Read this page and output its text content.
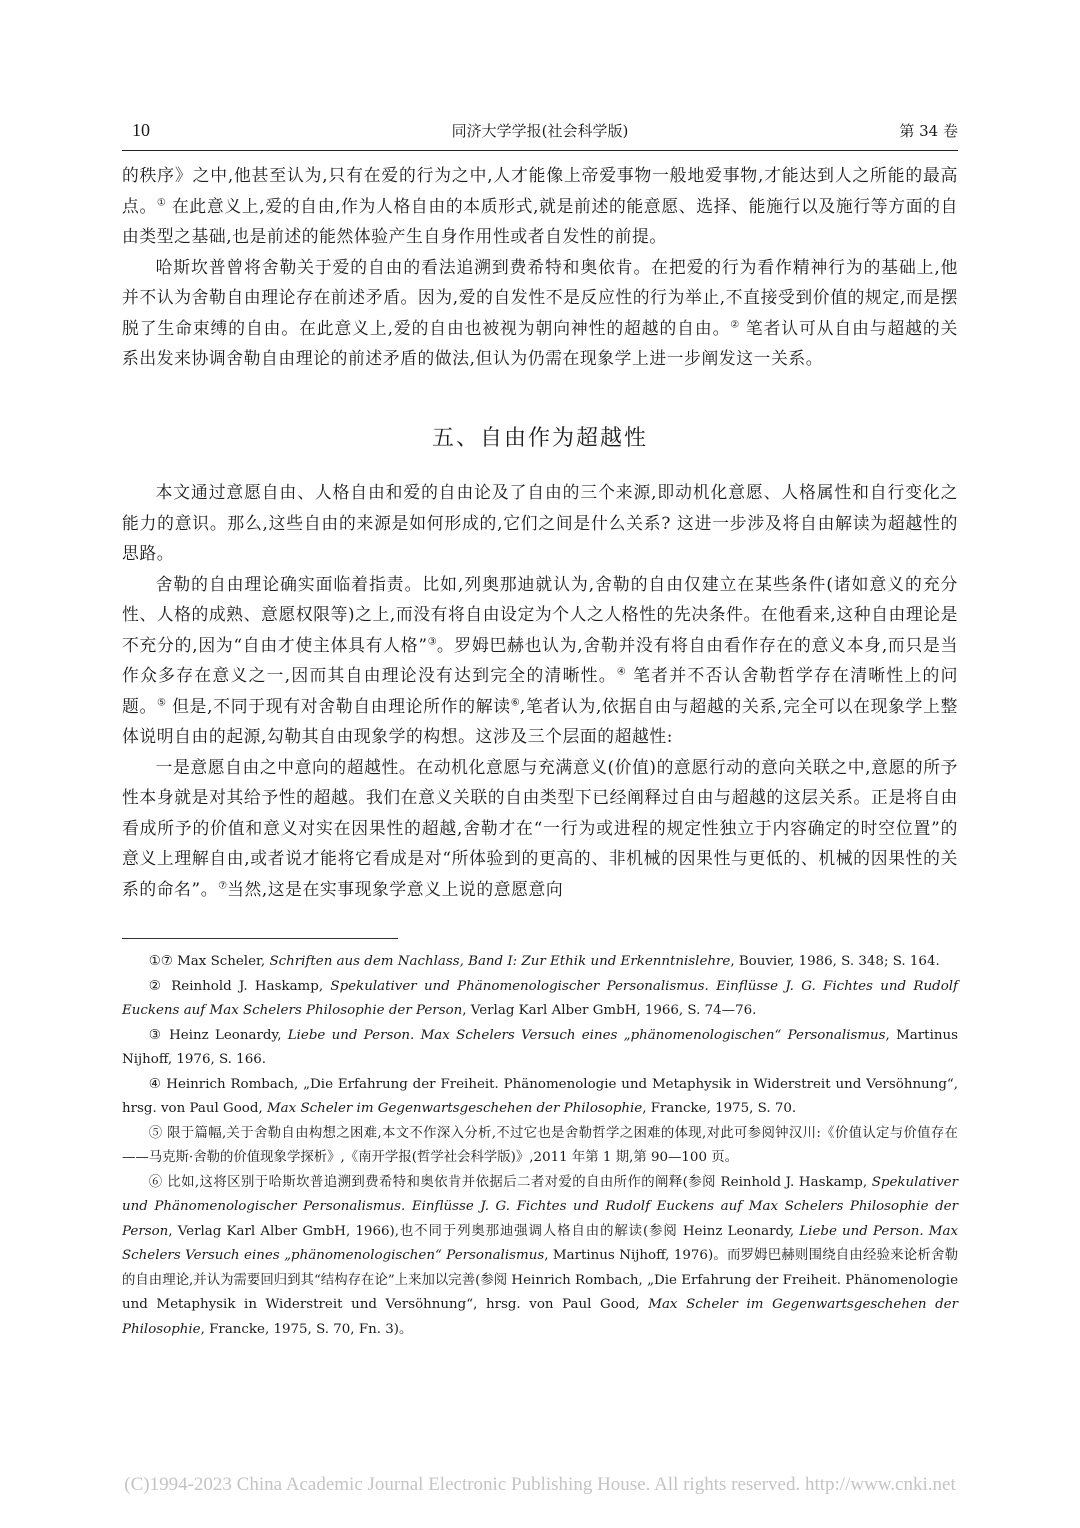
10	同济大学学报(社会科学版)	第 34 卷

的秩序》之中,他甚至认为,只有在爱的行为之中,人才能像上帝爱事物一般地爱事物,才能达到人之所能的最高点。① 在此意义上,爱的自由,作为人格自由的本质形式,就是前述的能意愿、选择、能施行以及施行等方面的自由类型之基础,也是前述的能然体验产生自身作用性或者自发性的前提。

哈斯坎普曾将舍勒关于爱的自由的看法追溯到费希特和奥依肯。在把爱的行为看作精神行为的基础上,他并不认为舍勒自由理论存在前述矛盾。因为,爱的自发性不是反应性的行为举止,不直接受到价值的规定,而是摆脱了生命束缚的自由。在此意义上,爱的自由也被视为朝向神性的超越的自由。② 笔者认可从自由与超越的关系出发来协调舍勒自由理论的前述矛盾的做法,但认为仍需在现象学上进一步阐发这一关系。

五、自由作为超越性

本文通过意愿自由、人格自由和爱的自由论及了自由的三个来源,即动机化意愿、人格属性和自行变化之能力的意识。那么,这些自由的来源是如何形成的,它们之间是什么关系? 这进一步涉及将自由解读为超越性的思路。

舍勒的自由理论确实面临着指责。比如,列奥那迪就认为,舍勒的自由仅建立在某些条件(诸如意义的充分性、人格的成熟、意愿权限等)之上,而没有将自由设定为个人之人格性的先决条件。在他看来,这种自由理论是不充分的,因为“自由才使主体具有人格”③。罗姆巴赫也认为,舍勒并没有将自由看作存在的意义本身,而只是当作众多存在意义之一,因而其自由理论没有达到完全的清晰性。④ 笔者并不否认舍勒哲学存在清晰性上的问题。⑤ 但是,不同于现有对舍勒自由理论所作的解读⑥,笔者认为,依据自由与超越的关系,完全可以在现象学上整体说明自由的起源,勾勒其自由现象学的构想。这涉及三个层面的超越性:

一是意愿自由之中意向的超越性。在动机化意愿与充满意义(价值)的意愿行动的意向关联之中,意愿的所予性本身就是对其给予性的超越。我们在意义关联的自由类型下已经阐释过自由与超越的这层关系。正是将自由看成所予的价值和意义对实在因果性的超越,舍勒才在“一行为或进程的规定性独立于内容确定的时空位置”的意义上理解自由,或者说才能将它看成是对“所体验到的更高的、非机械的因果性与更低的、机械的因果性的关系的命名”。⑦当然,这是在实事现象学意义上说的意愿意向

①⑦ Max Scheler, Schriften aus dem Nachlass, Band I: Zur Ethik und Erkenntnislehre, Bouvier, 1986, S. 348; S. 164.

② Reinhold J. Haskamp, Spekulativer und Phänomenologischer Personalismus. Einflüsse J. G. Fichtes und Rudolf Euckens auf Max Schelers Philosophie der Person, Verlag Karl Alber GmbH, 1966, S. 74—76.

③ Heinz Leonardy, Liebe und Person. Max Schelers Versuch eines „phänomenologischen“ Personalismus, Martinus Nijhoff, 1976, S. 166.

④ Heinrich Rombach, „Die Erfahrung der Freiheit. Phänomenologie und Metaphysik in Widerstreit und Versöhnung“, hrsg. von Paul Good, Max Scheler im Gegenwartsgeschehen der Philosophie, Francke, 1975, S. 70.

⑤ 限于篇幅,关于舍勒自由构想之困难,本文不作深入分析,不过它也是舍勒哲学之困难的体现,对此可参阅钟汉川:《价值认定与价值存在——马克斯·舍勒的价值现象学探析》,《南开学报(哲学社会科学版)》,2011 年第 1 期,第 90—100 页。

⑥ 比如,这将区别于哈斯坎普追溯到费希特和奥依肯并依据后二者对爱的自由所作的阐释(参阅 Reinhold J. Haskamp, Spekulativer und Phänomenologischer Personalismus. Einflüsse J. G. Fichtes und Rudolf Euckens auf Max Schelers Philosophie der Person, Verlag Karl Alber GmbH, 1966),也不同于列奥那迪强调人格自由的解读(参阅 Heinz Leonardy, Liebe und Person. Max Schelers Versuch eines „phänomenologischen“ Personalismus, Martinus Nijhoff, 1976)。而罗姆巴赫则围绕自由经验来论析舍勒的自由理论,并认为需要回归到其“结构存在论”上来加以完善(参阅 Heinrich Rombach, „Die Erfahrung der Freiheit. Phänomenologie und Metaphysik in Widerstreit und Versöhnung“, hrsg. von Paul Good, Max Scheler im Gegenwartsgeschehen der Philosophie, Francke, 1975, S. 70, Fn. 3)。

(C)1994-2023 China Academic Journal Electronic Publishing House. All rights reserved. http://www.cnki.net
